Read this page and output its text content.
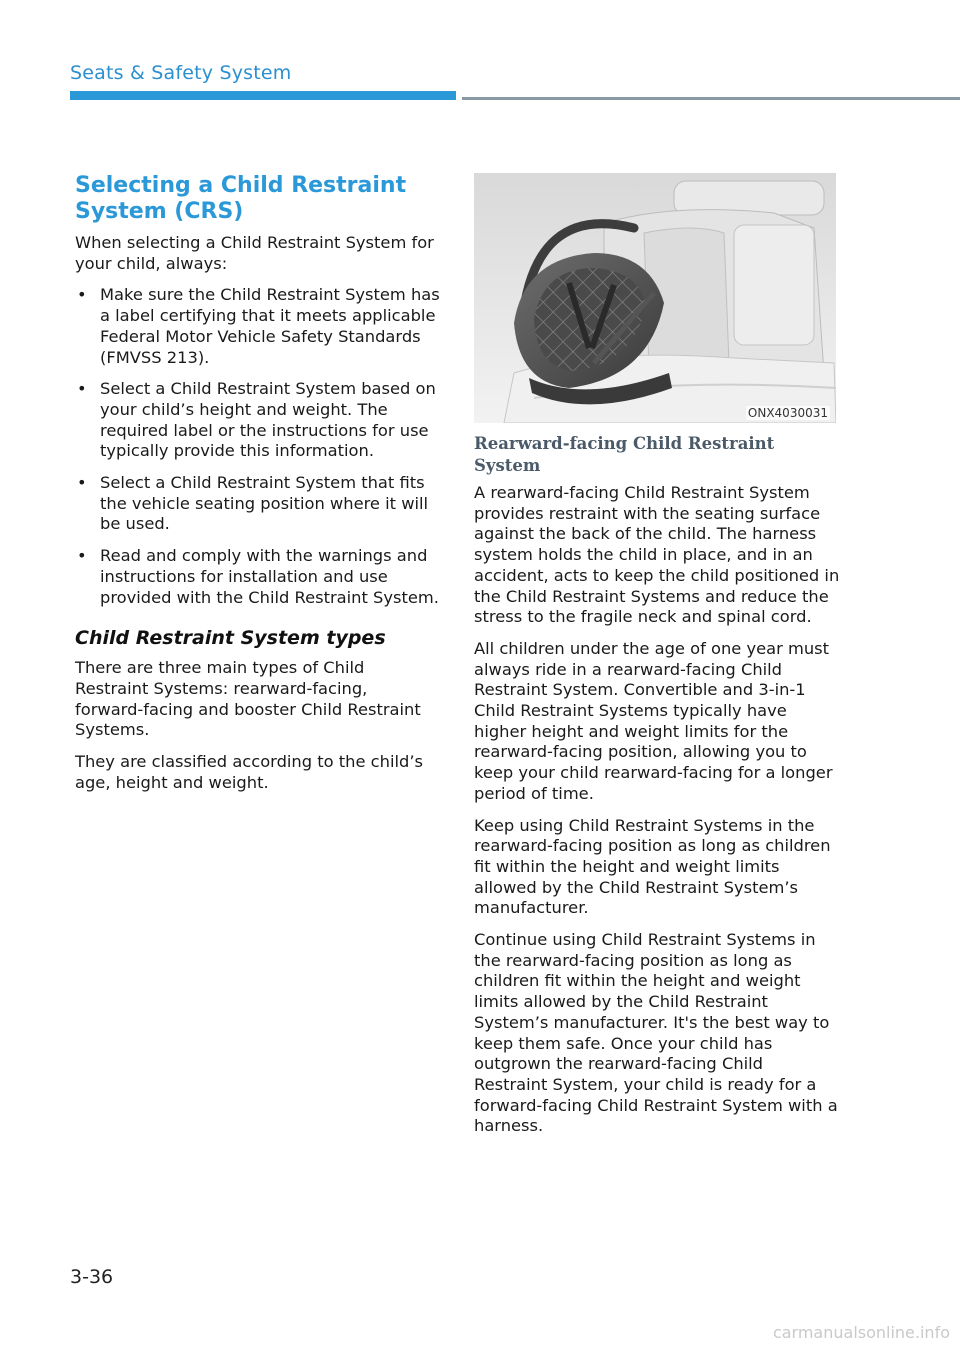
Seats & Safety System
Selecting a Child Restraint System (CRS)

When selecting a Child Restraint System for your child, always:

• Make sure the Child Restraint System has a label certifying that it meets applicable Federal Motor Vehicle Safety Standards (FMVSS 213).
• Select a Child Restraint System based on your child’s height and weight. The required label or the instructions for use typically provide this information.
• Select a Child Restraint System that fits the vehicle seating position where it will be used.
• Read and comply with the warnings and instructions for installation and use provided with the Child Restraint System.
Child Restraint System types

There are three main types of Child Restraint Systems: rearward-facing, forward-facing and booster Child Restraint Systems.

They are classified according to the child’s age, height and weight.

ONX4030031
Rearward-facing Child Restraint System

A rearward-facing Child Restraint System provides restraint with the seating surface against the back of the child. The harness system holds the child in place, and in an accident, acts to keep the child positioned in the Child Restraint Systems and reduce the stress to the fragile neck and spinal cord.

All children under the age of one year must always ride in a rearward-facing Child Restraint System. Convertible and 3-in-1 Child Restraint Systems typically have higher height and weight limits for the rearward-facing position, allowing you to keep your child rearward-facing for a longer period of time.

Keep using Child Restraint Systems in the rearward-facing position as long as children fit within the height and weight limits allowed by the Child Restraint System’s manufacturer.

Continue using Child Restraint Systems in the rearward-facing position as long as children fit within the height and weight limits allowed by the Child Restraint System’s manufacturer. It's the best way to keep them safe. Once your child has outgrown the rearward-facing Child Restraint System, your child is ready for a forward-facing Child Restraint System with a harness.

3-36
carmanualsonline.info
